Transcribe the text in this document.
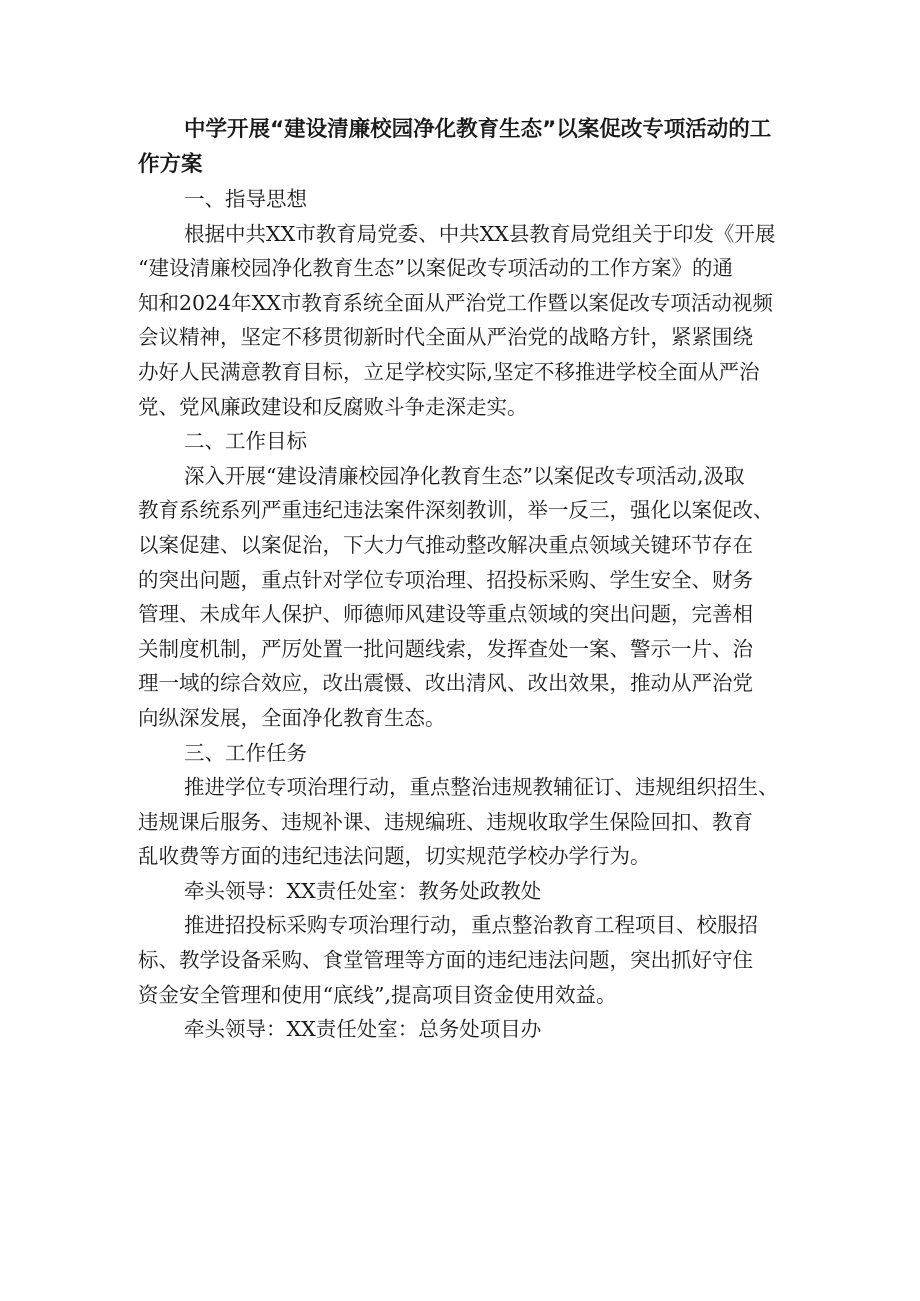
中学开展“建设清廉校园净化教育生态”以案促改专项活动的工
作方案
一、指导思想
根据中共XX市教育局党委、中共XX县教育局党组关于印发《开展
“建设清廉校园净化教育生态”以案促改专项活动的工作方案》的通
知和2024年XX市教育系统全面从严治党工作暨以案促改专项活动视频
会议精神，坚定不移贯彻新时代全面从严治党的战略方针，紧紧围绕
办好人民满意教育目标，立足学校实际,坚定不移推进学校全面从严治
党、党风廉政建设和反腐败斗争走深走实。
二、工作目标
深入开展“建设清廉校园净化教育生态”以案促改专项活动,汲取
教育系统系列严重违纪违法案件深刻教训，举一反三，强化以案促改、
以案促建、以案促治，下大力气推动整改解决重点领域关键环节存在
的突出问题，重点针对学位专项治理、招投标采购、学生安全、财务
管理、未成年人保护、师德师风建设等重点领域的突出问题，完善相
关制度机制，严厉处置一批问题线索，发挥查处一案、警示一片、治
理一域的综合效应，改出震慑、改出清风、改出效果，推动从严治党
向纵深发展，全面净化教育生态。
三、工作任务
推进学位专项治理行动，重点整治违规教辅征订、违规组织招生、
违规课后服务、违规补课、违规编班、违规收取学生保险回扣、教育
乱收费等方面的违纪违法问题，切实规范学校办学行为。
牵头领导：XX责任处室：教务处政教处
推进招投标采购专项治理行动，重点整治教育工程项目、校服招
标、教学设备采购、食堂管理等方面的违纪违法问题，突出抓好守住
资金安全管理和使用“底线”,提高项目资金使用效益。
牵头领导：XX责任处室：总务处项目办
